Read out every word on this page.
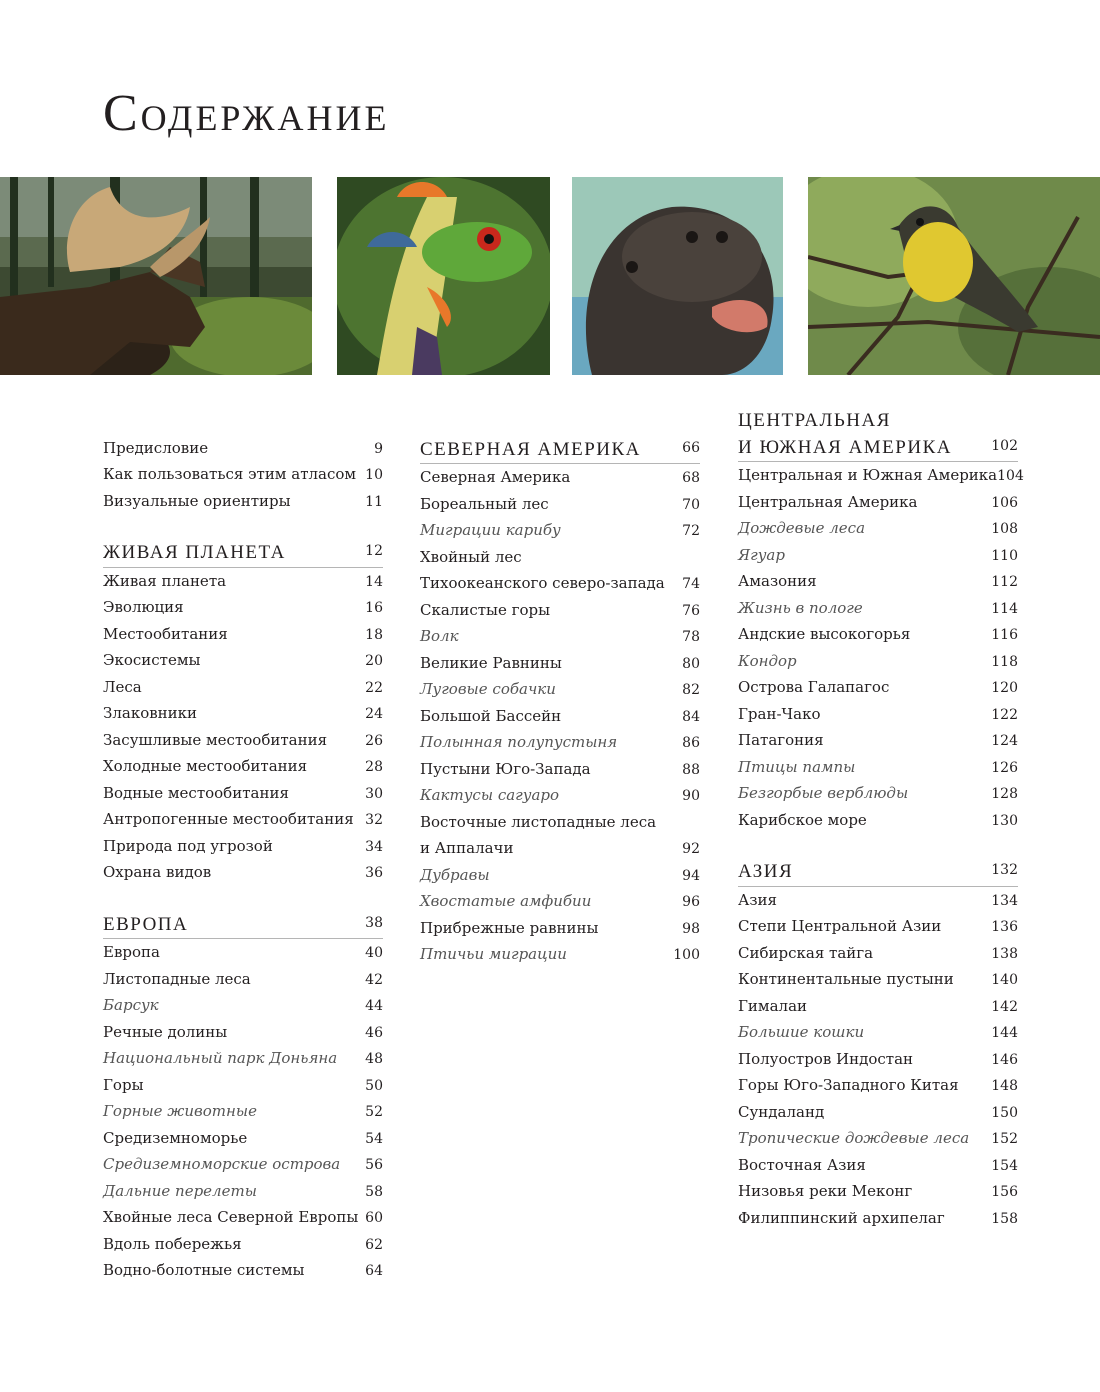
Содержание
Предисловие	9
Как пользоваться этим атласом 10
Визуальные ориентиры	11
ЖИВАЯ ПЛАНЕТА	12
Живая планета	14
Эволюция	16
Местообитания	18
Экосистемы	20
Леса	22
Злаковники	24
Засушливые местообитания	26
Холодные местообитания	28
Водные местообитания	30
Антропогенные местообитания 32
Природа под угрозой	34
Охрана видов	36
ЕВРОПА	38
Европа	40
Листопадные леса	42
Барсук	44
Речные долины	46
Национальный парк Доньяна 48
Горы	50
Горные животные	52
Средиземноморье	54
Средиземноморские острова 56
Дальние перелеты	58
Хвойные леса Северной Европы 60
Вдоль побережья	62
Водно-болотные системы	64
СЕВЕРНАЯ АМЕРИКА	66
Северная Америка	68
Бореальный лес	70
Миграции карибу	72
Хвойный лес
Тихоокеанского северо-запада 74
Скалистые горы	76
Волк	78
Великие Равнины	80
Луговые собачки	82
Большой Бассейн	84
Полынная полупустыня	86
Пустыни Юго-Запада	88
Кактусы сагуаро	90
Восточные листопадные леса
и Аппалачи	92
Дубравы	94
Хвостатые амфибии	96
Прибрежные равнины	98
Птичьи миграции	100
ЦЕНТРАЛЬНАЯ
И ЮЖНАЯ АМЕРИКА	102
Центральная и Южная Америка 104
Центральная Америка	106
Дождевые леса	108
Ягуар	110
Амазония	112
Жизнь в пологе	114
Андские высокогорья	116
Кондор	118
Острова Галапагос	120
Гран-Чако	122
Патагония	124
Птицы пампы	126
Безгорбые верблюды	128
Карибское море	130
АЗИЯ	132
Азия	134
Степи Центральной Азии	136
Сибирская тайга	138
Континентальные пустыни	140
Гималаи	142
Большие кошки	144
Полуостров Индостан	146
Горы Юго-Западного Китая 148
Сундаланд	150
Тропические дождевые леса 152
Восточная Азия	154
Низовья реки Меконг	156
Филиппинский архипелаг	158
